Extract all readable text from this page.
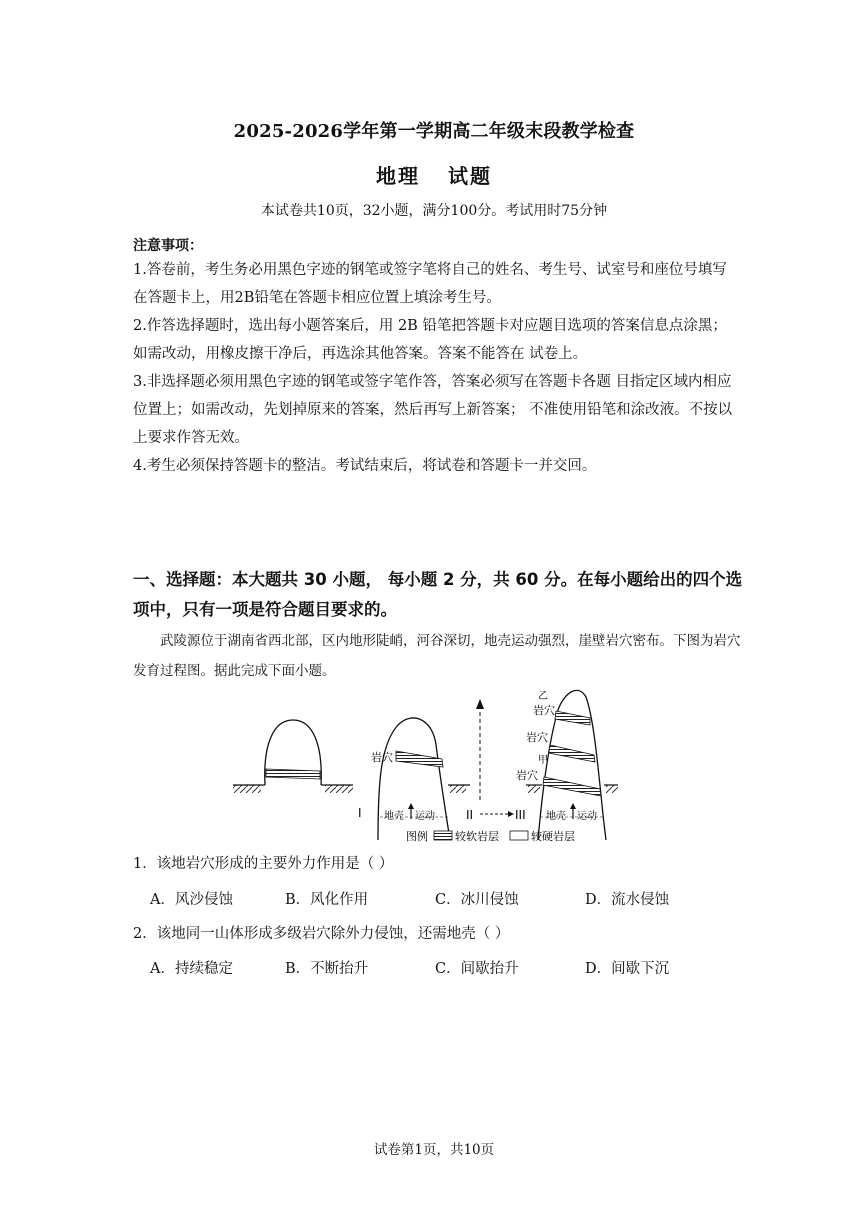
2025-2026学年第一学期高二年级末段教学检查
地理 试题
本试卷共10页，32小题，满分100分。考试用时75分钟
注意事项：

1.答卷前，考生务必用黑色字迹的钢笔或签字笔将自己的姓名、考生号、试室号和座位号填写在答题卡上，用2B铅笔在答题卡相应位置上填涂考生号。

2.作答选择题时，选出每小题答案后，用 2B 铅笔把答题卡对应题目选项的答案信息点涂黑；如需改动，用橡皮擦干净后，再选涂其他答案。答案不能答在 试卷上。

3.非选择题必须用黑色字迹的钢笔或签字笔作答，答案必须写在答题卡各题 目指定区域内相应位置上；如需改动，先划掉原来的答案，然后再写上新答案； 不准使用铅笔和涂改液。不按以上要求作答无效。

4.考生必须保持答题卡的整洁。考试结束后，将试卷和答题卡一并交回。

一、选择题：本大题共 30 小题， 每小题 2 分，共 60 分。在每小题给出的四个选项中，只有一项是符合题目要求的。

武陵源位于湖南省西北部，区内地形陡峭，河谷深切，地壳运动强烈，崖壁岩穴密布。下图为岩穴发育过程图。据此完成下面小题。

I
岩穴
地壳 运动	II	III
乙
岩穴
岩穴
甲
岩穴
地壳 运动
图例 较软岩层	较硬岩层
1．该地岩穴形成的主要外力作用是（ ）
A．风沙侵蚀	B．风化作用	C．冰川侵蚀	D．流水侵蚀
2．该地同一山体形成多级岩穴除外力侵蚀，还需地壳（ ）
A．持续稳定	B．不断抬升	C．间歇抬升	D．间歇下沉
试卷第1页，共10页
